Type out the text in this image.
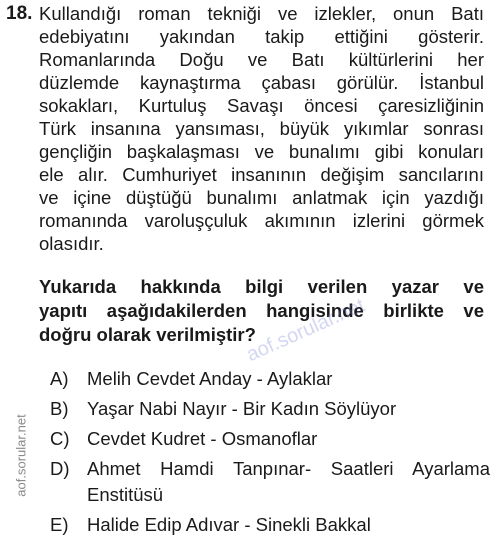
18. Kullandığı roman tekniği ve izlekler, onun Batı
edebiyatını yakından takip ettiğini gösterir.
Romanlarında Doğu ve Batı kültürlerini her
düzlemde kaynaştırma çabası görülür. İstanbul
sokakları, Kurtuluş Savaşı öncesi çaresizliğinin
Türk insanına yansıması, büyük yıkımlar sonrası
gençliğin başkalaşması ve bunalımı gibi konuları
ele alır. Cumhuriyet insanının değişim sancılarını
ve içine düştüğü bunalımı anlatmak için yazdığı
romanında varoluşçuluk akımının izlerini görmek
olasıdır.
Yukarıda hakkında bilgi verilen yazar ve
yapıtı aşağıdakilerden hangisinde birlikte ve
doğru olarak verilmiştir?
A)	Melih Cevdet Anday - Aylaklar
B)	Yaşar Nabi Nayır - Bir Kadın Söylüyor
C) Cevdet Kudret - Osmanoflar
D) Ahmet Hamdi Tanpınar- Saatleri Ayarlama
Enstitüsü
E)	Halide Edip Adıvar - Sinekli Bakkal
aof.sorular.net
aof.sorular.net
